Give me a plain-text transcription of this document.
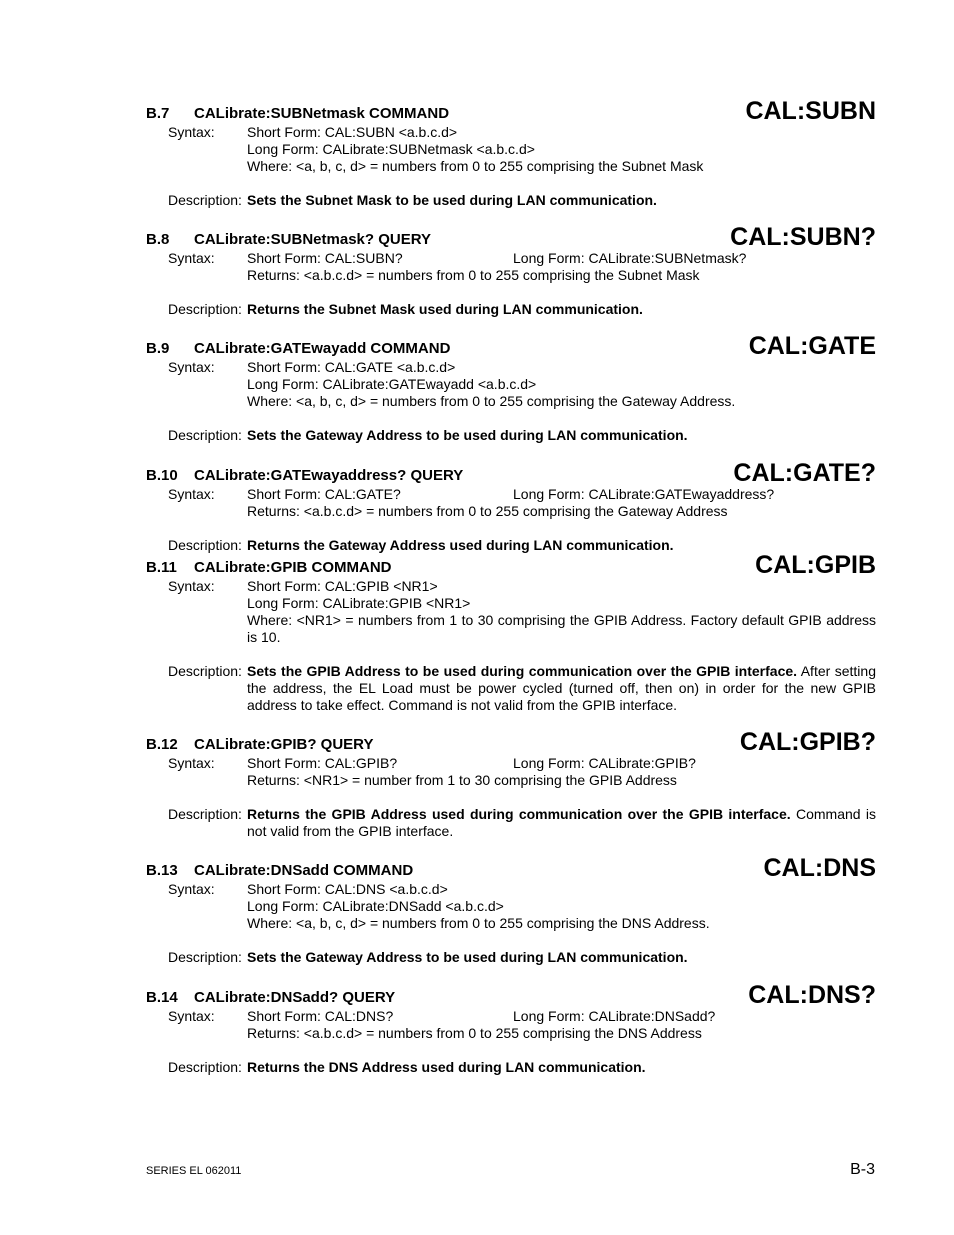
B.7 CALibrate:SUBNetmask COMMAND	CAL:SUBN
Syntax: Short Form: CAL:SUBN <a.b.c.d>
Long Form: CALibrate:SUBNetmask <a.b.c.d>
Where: <a, b, c, d> = numbers from 0 to 255 comprising the Subnet Mask
Description: Sets the Subnet Mask to be used during LAN communication.
B.8 CALibrate:SUBNetmask? QUERY	CAL:SUBN?
Syntax: Short Form: CAL:SUBN?	Long Form: CALibrate:SUBNetmask?
Returns: <a.b.c.d> = numbers from 0 to 255 comprising the Subnet Mask
Description: Returns the Subnet Mask used during LAN communication.
B.9 CALibrate:GATEwayadd COMMAND	CAL:GATE
Syntax: Short Form: CAL:GATE <a.b.c.d>
Long Form: CALibrate:GATEwayadd <a.b.c.d>
Where: <a, b, c, d> = numbers from 0 to 255 comprising the Gateway Address.
Description: Sets the Gateway Address to be used during LAN communication.
B.10 CALibrate:GATEwayaddress? QUERY	CAL:GATE?
Syntax: Short Form: CAL:GATE?	Long Form: CALibrate:GATEwayaddress?
Returns: <a.b.c.d> = numbers from 0 to 255 comprising the Gateway Address
Description: Returns the Gateway Address used during LAN communication.
B.11 CALibrate:GPIB COMMAND	CAL:GPIB
Syntax: Short Form: CAL:GPIB <NR1>
Long Form: CALibrate:GPIB <NR1>
Where: <NR1> = numbers from 1 to 30 comprising the GPIB Address. Factory default GPIB address is 10.
Description: Sets the GPIB Address to be used during communication over the GPIB interface. After setting the address, the EL Load must be power cycled (turned off, then on) in order for the new GPIB address to take effect. Command is not valid from the GPIB interface.
B.12 CALibrate:GPIB? QUERY	CAL:GPIB?
Syntax: Short Form: CAL:GPIB?	Long Form: CALibrate:GPIB?
Returns: <NR1> = number from 1 to 30 comprising the GPIB Address
Description: Returns the GPIB Address used during communication over the GPIB interface. Command is not valid from the GPIB interface.
B.13 CALibrate:DNSadd COMMAND	CAL:DNS
Syntax: Short Form: CAL:DNS <a.b.c.d>
Long Form: CALibrate:DNSadd <a.b.c.d>
Where: <a, b, c, d> = numbers from 0 to 255 comprising the DNS Address.
Description: Sets the Gateway Address to be used during LAN communication.
B.14 CALibrate:DNSadd? QUERY	CAL:DNS?
Syntax: Short Form: CAL:DNS?	Long Form: CALibrate:DNSadd?
Returns: <a.b.c.d> = numbers from 0 to 255 comprising the DNS Address
Description: Returns the DNS Address used during LAN communication.
SERIES EL 062011	B-3
